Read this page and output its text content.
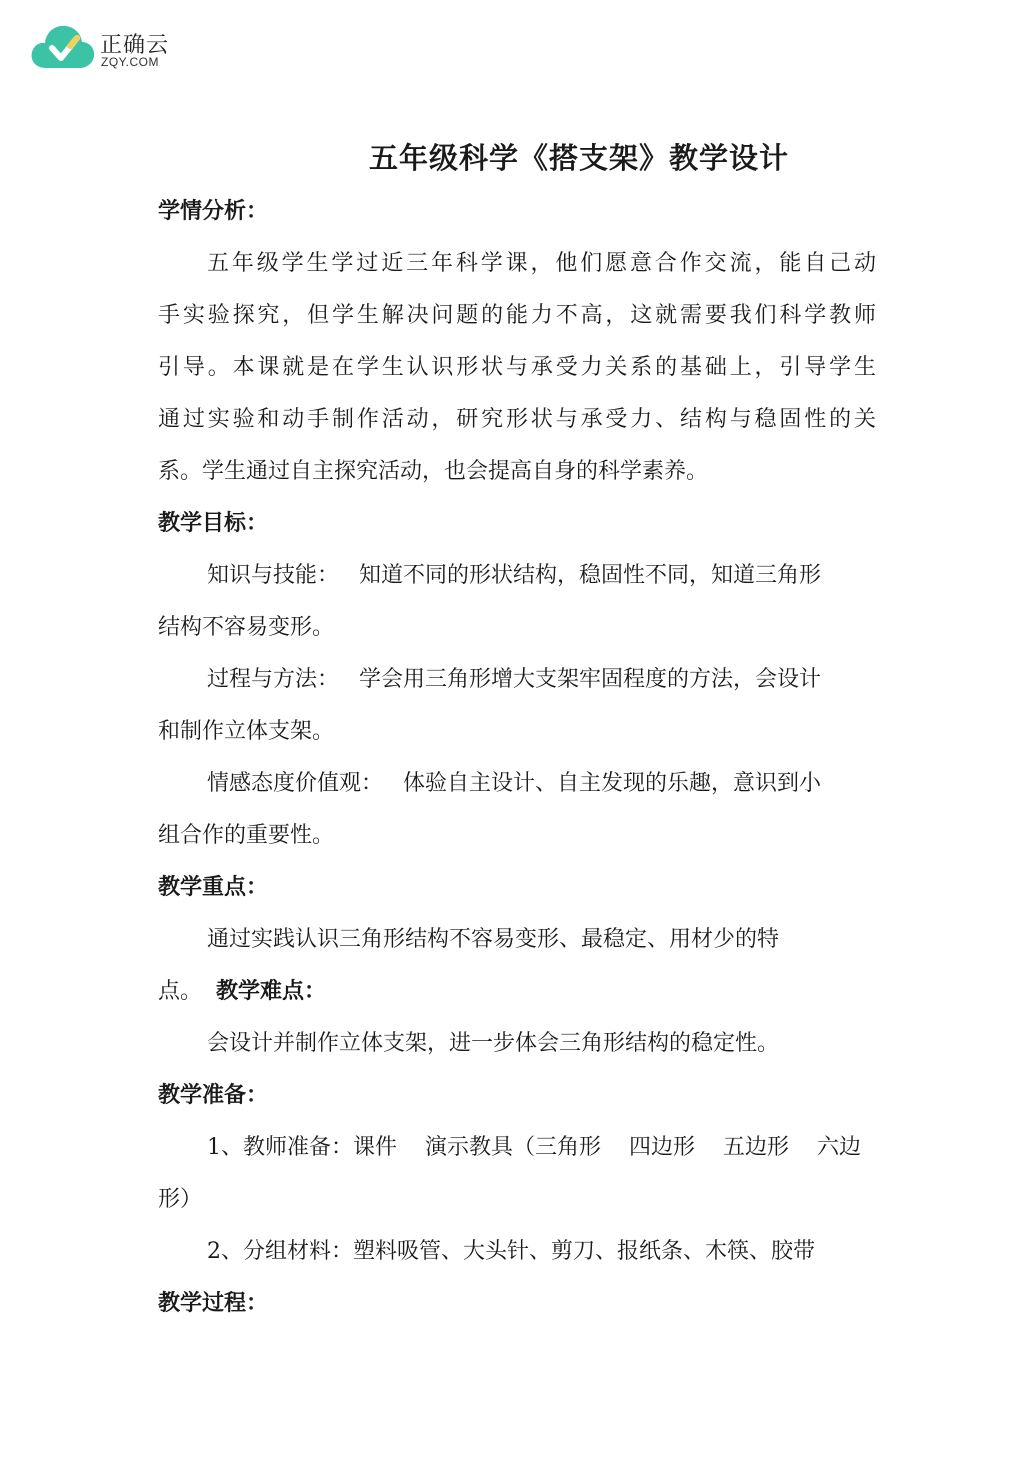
正确云
ZQY.COM
五年级科学《搭支架》教学设计
学情分析：
五年级学生学过近三年科学课，他们愿意合作交流，能自己动
手实验探究，但学生解决问题的能力不高，这就需要我们科学教师
引导。本课就是在学生认识形状与承受力关系的基础上，引导学生
通过实验和动手制作活动，研究形状与承受力、结构与稳固性的关
系。学生通过自主探究活动，也会提高自身的科学素养。
教学目标：
知识与技能： 知道不同的形状结构，稳固性不同，知道三角形
结构不容易变形。
过程与方法： 学会用三角形增大支架牢固程度的方法，会设计
和制作立体支架。
情感态度价值观： 体验自主设计、自主发现的乐趣，意识到小
组合作的重要性。
教学重点：
通过实践认识三角形结构不容易变形、最稳定、用材少的特
点。 教学难点：
会设计并制作立体支架，进一步体会三角形结构的稳定性。
教学准备：
1、教师准备：课件 演示教具（三角形 四边形 五边形 六边
形）
2、分组材料：塑料吸管、大头针、剪刀、报纸条、木筷、胶带
教学过程：
